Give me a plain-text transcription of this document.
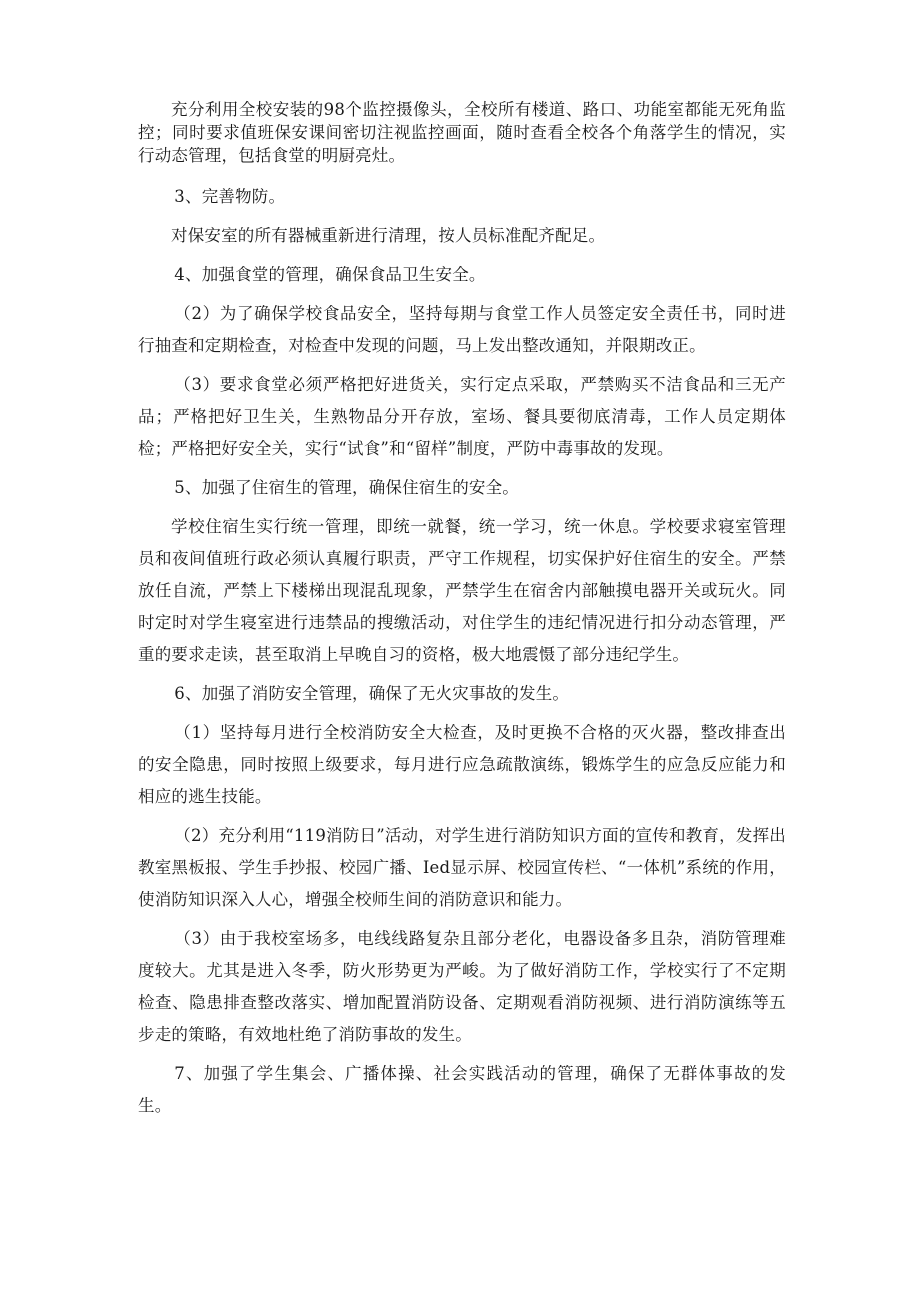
充分利用全校安装的98个监控摄像头，全校所有楼道、路口、功能室都能无死角监控；同时要求值班保安课间密切注视监控画面，随时查看全校各个角落学生的情况，实行动态管理，包括食堂的明厨亮灶。

3、完善物防。

对保安室的所有器械重新进行清理，按人员标准配齐配足。

4、加强食堂的管理，确保食品卫生安全。

（2）为了确保学校食品安全，坚持每期与食堂工作人员签定安全责任书，同时进行抽查和定期检查，对检查中发现的问题，马上发出整改通知，并限期改正。

（3）要求食堂必须严格把好进货关，实行定点采取，严禁购买不洁食品和三无产品；严格把好卫生关，生熟物品分开存放，室场、餐具要彻底清毒，工作人员定期体检；严格把好安全关，实行“试食”和“留样”制度，严防中毒事故的发现。

5、加强了住宿生的管理，确保住宿生的安全。

学校住宿生实行统一管理，即统一就餐，统一学习，统一休息。学校要求寝室管理员和夜间值班行政必须认真履行职责，严守工作规程，切实保护好住宿生的安全。严禁放任自流，严禁上下楼梯出现混乱现象，严禁学生在宿舍内部触摸电器开关或玩火。同时定时对学生寝室进行违禁品的搜缴活动，对住学生的违纪情况进行扣分动态管理，严重的要求走读，甚至取消上早晚自习的资格，极大地震慑了部分违纪学生。

6、加强了消防安全管理，确保了无火灾事故的发生。

（1）坚持每月进行全校消防安全大检查，及时更换不合格的灭火器，整改排查出的安全隐患，同时按照上级要求，每月进行应急疏散演练，锻炼学生的应急反应能力和相应的逃生技能。

（2）充分利用“119消防日”活动，对学生进行消防知识方面的宣传和教育，发挥出教室黑板报、学生手抄报、校园广播、Ied显示屏、校园宣传栏、“一体机”系统的作用，使消防知识深入人心，增强全校师生间的消防意识和能力。

（3）由于我校室场多，电线线路复杂且部分老化，电器设备多且杂，消防管理难度较大。尤其是进入冬季，防火形势更为严峻。为了做好消防工作，学校实行了不定期检查、隐患排查整改落实、增加配置消防设备、定期观看消防视频、进行消防演练等五步走的策略，有效地杜绝了消防事故的发生。

7、加强了学生集会、广播体操、社会实践活动的管理，确保了无群体事故的发生。
